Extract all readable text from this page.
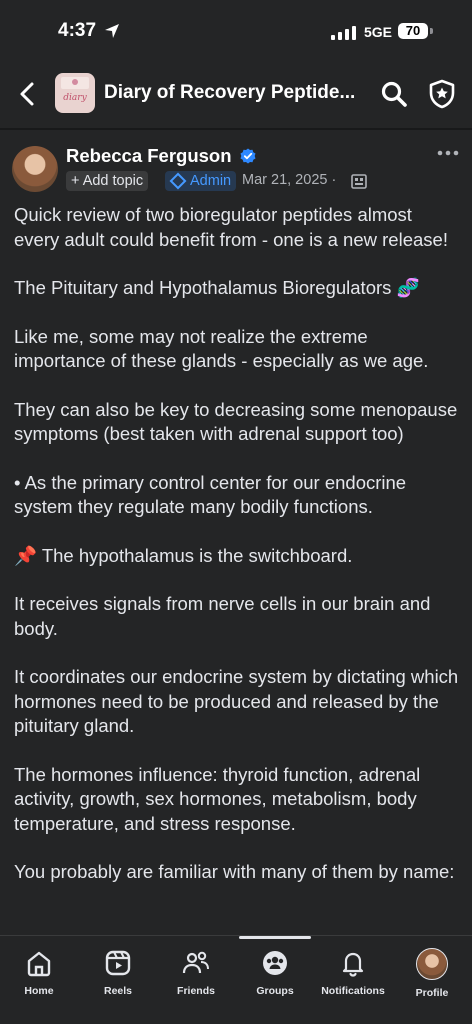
4:37	5GE	70
diary Diary of Recovery Peptide...
Rebecca Ferguson
+ Add topic	Admin Mar 21, 2025 ·

Quick review of two bioregulator peptides almost every adult could benefit from - one is a new release!

The Pituitary and Hypothalamus Bioregulators 🧬

Like me, some may not realize the extreme importance of these glands - especially as we age.

They can also be key to decreasing some menopause symptoms (best taken with adrenal support too)

• As the primary control center for our endocrine system they regulate many bodily functions.

📌 The hypothalamus is the switchboard.

It receives signals from nerve cells in our brain and body.

It coordinates our endocrine system by dictating which hormones need to be produced and released by the pituitary gland.

The hormones influence: thyroid function, adrenal activity, growth, sex hormones, metabolism, body temperature, and stress response.

You probably are familiar with many of them by name:

Home	Reels	Friends	Groups	Notifications	Profile
